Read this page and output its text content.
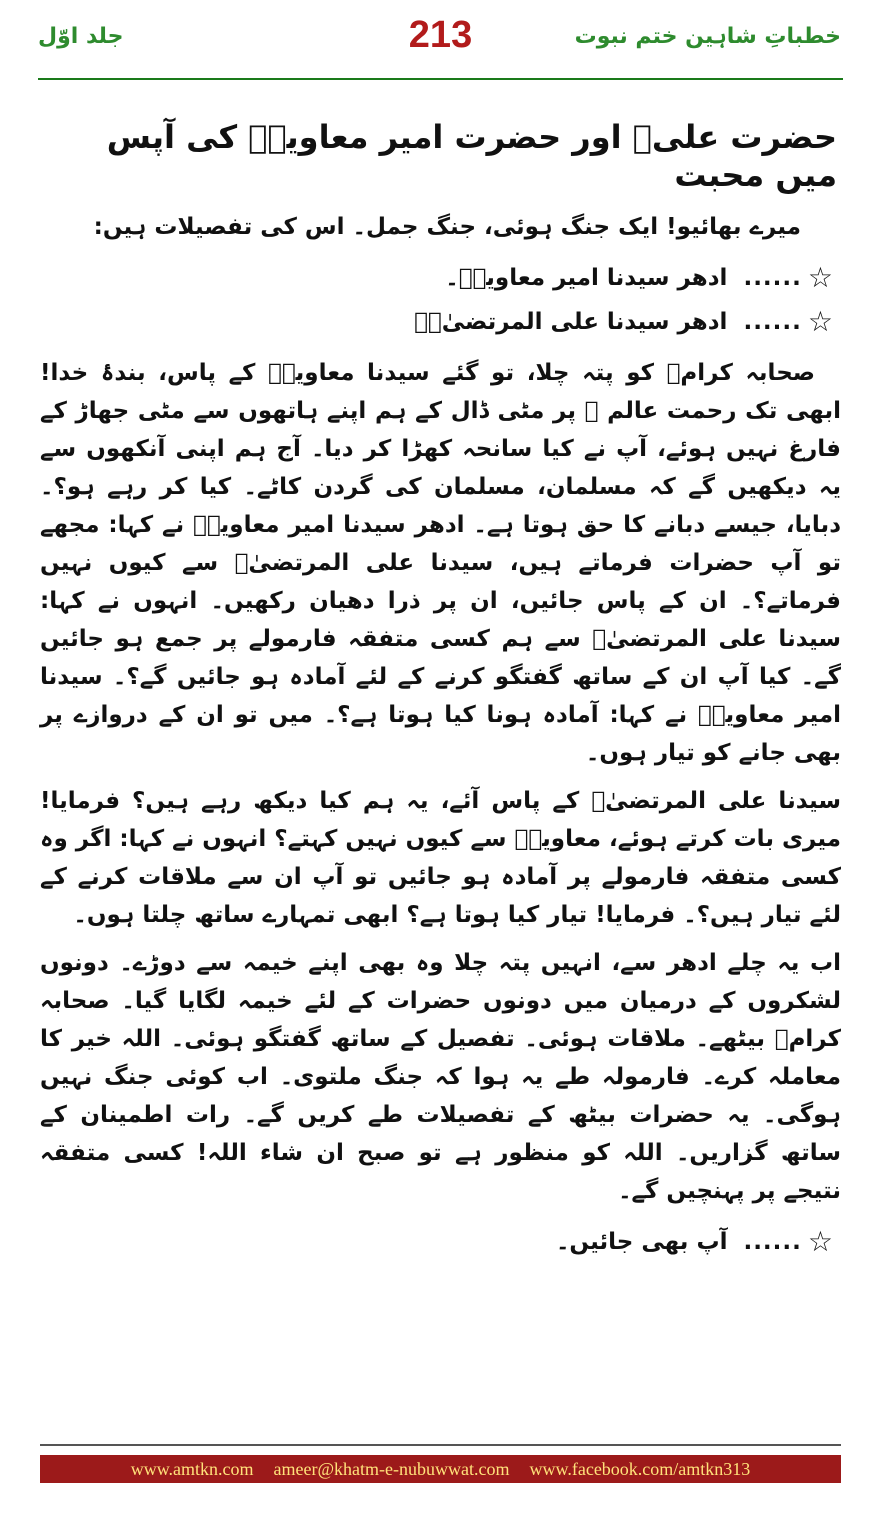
خطباتِ شاہین ختم نبوت
213
جلد اوّل
حضرت علیؓ اور حضرت امیر معاویہؓ کی آپس میں محبت

میرے بھائیو! ایک جنگ ہوئی، جنگ جمل۔ اس کی تفصیلات ہیں:

☆
......
ادھر سیدنا امیر معاویہؓ۔
☆
......
ادھر سیدنا علی المرتضیٰؓ۔

صحابہ کرامؓ کو پتہ چلا، تو گئے سیدنا معاویہؓ کے پاس، بندۂ خدا! ابھی تک رحمت عالم ﷺ پر مٹی ڈال کے ہم اپنے ہاتھوں سے مٹی جھاڑ کے فارغ نہیں ہوئے، آپ نے کیا سانحہ کھڑا کر دیا۔ آج ہم اپنی آنکھوں سے یہ دیکھیں گے کہ مسلمان، مسلمان کی گردن کاٹے۔ کیا کر رہے ہو؟۔ دبایا، جیسے دبانے کا حق ہوتا ہے۔ ادھر سیدنا امیر معاویہؓ نے کہا: مجھے تو آپ حضرات فرماتے ہیں، سیدنا علی المرتضیٰؓ سے کیوں نہیں فرماتے؟۔ ان کے پاس جائیں، ان پر ذرا دھیان رکھیں۔ انہوں نے کہا: سیدنا علی المرتضیٰؓ سے ہم کسی متفقہ فارمولے پر جمع ہو جائیں گے۔ کیا آپ ان کے ساتھ گفتگو کرنے کے لئے آمادہ ہو جائیں گے؟۔ سیدنا امیر معاویہؓ نے کہا: آمادہ ہونا کیا ہوتا ہے؟۔ میں تو ان کے دروازے پر بھی جانے کو تیار ہوں۔

سیدنا علی المرتضیٰؓ کے پاس آئے، یہ ہم کیا دیکھ رہے ہیں؟ فرمایا! میری بات کرتے ہوئے، معاویہؓ سے کیوں نہیں کہتے؟ انہوں نے کہا: اگر وہ کسی متفقہ فارمولے پر آمادہ ہو جائیں تو آپ ان سے ملاقات کرنے کے لئے تیار ہیں؟۔ فرمایا! تیار کیا ہوتا ہے؟ ابھی تمہارے ساتھ چلتا ہوں۔

اب یہ چلے ادھر سے، انہیں پتہ چلا وہ بھی اپنے خیمہ سے دوڑے۔ دونوں لشکروں کے درمیان میں دونوں حضرات کے لئے خیمہ لگایا گیا۔ صحابہ کرامؓ بیٹھے۔ ملاقات ہوئی۔ تفصیل کے ساتھ گفتگو ہوئی۔ اللہ خیر کا معاملہ کرے۔ فارمولہ طے یہ ہوا کہ جنگ ملتوی۔ اب کوئی جنگ نہیں ہوگی۔ یہ حضرات بیٹھ کے تفصیلات طے کریں گے۔ رات اطمینان کے ساتھ گزاریں۔ اللہ کو منظور ہے تو صبح ان شاء اللہ! کسی متفقہ نتیجے پر پہنچیں گے۔

☆
......
آپ بھی جائیں۔
www.amtkn.com ameer@khatm-e-nubuwwat.com www.facebook.com/amtkn313
